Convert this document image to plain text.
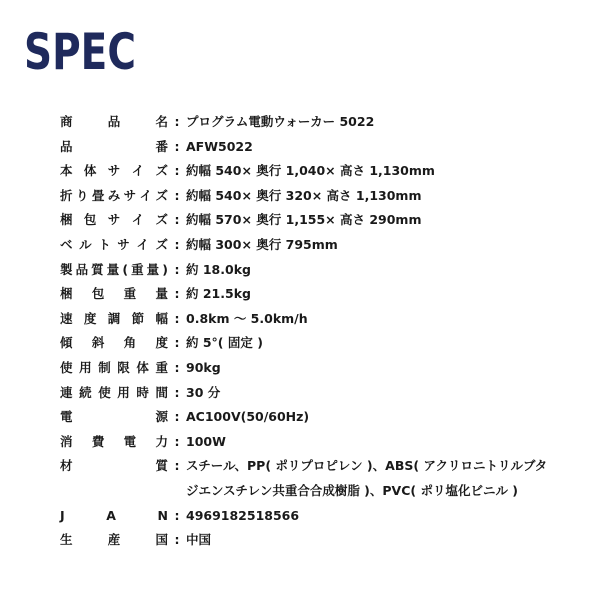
SPEC
商	品	名 : プログラム電動ウォーカー 5022
品	番 : AFW5022
本 体 サ イ ズ : 約幅 540× 奥行 1,040× 高さ 1,130mm
折 り 畳 み サ イ ズ : 約幅 540× 奥行 320× 高さ 1,130mm
梱 包 サ イ ズ : 約幅 570× 奥行 1,155× 高さ 290mm
ベ ル ト サ イ ズ : 約幅 300× 奥行 795mm
製 品 質 量 ( 重 量 ) : 約 18.0kg
梱 包 重 量 : 約 21.5kg
速 度 調 節 幅 : 0.8km 〜 5.0km/h
傾 斜 角 度 : 約 5°( 固定 )
使 用 制 限 体 重 : 90kg
連 続 使 用 時 間 : 30 分
電	源 : AC100V(50/60Hz)
消 費 電 力 : 100W
材	質 : スチール、PP( ポリプロピレン )、ABS( アクリロニトリルブタ
ジエンスチレン共重合合成樹脂 )、PVC( ポリ塩化ビニル )
J	A	N : 4969182518566
生	産	国 : 中国
